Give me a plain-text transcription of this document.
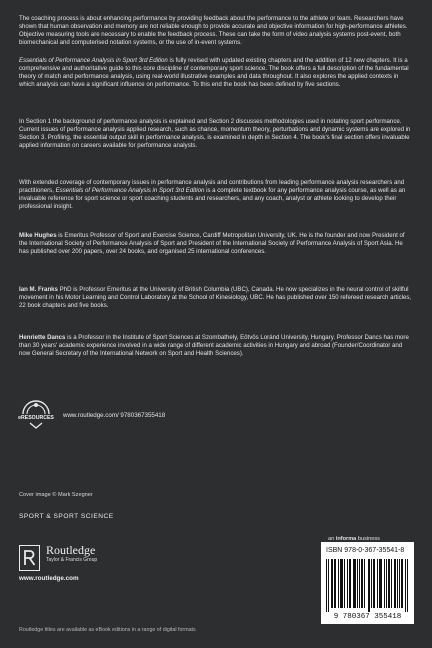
The coaching process is about enhancing performance by providing feedback about the performance to the athlete or team. Researchers have shown that human observation and memory are not reliable enough to provide accurate and objective information for high-performance athletes. Objective measuring tools are necessary to enable the feedback process. These can take the form of video analysis systems post-event, both biomechanical and computerised notation systems, or the use of in-event systems.

Essentials of Performance Analysis in Sport 3rd Edition is fully revised with updated existing chapters and the addition of 12 new chapters. It is a comprehensive and authoritative guide to this core discipline of contemporary sport science. The book offers a full description of the fundamental theory of match and performance analysis, using real-world illustrative examples and data throughout. It also explores the applied contexts in which analysis can have a significant influence on performance. To this end the book has been defined by five sections.

In Section 1 the background of performance analysis is explained and Section 2 discusses methodologies used in notating sport performance. Current issues of performance analysis applied research, such as chance, momentum theory, perturbations and dynamic systems are explored in Section 3. Profiling, the essential output skill in performance analysis, is examined in depth in Section 4. The book's final section offers invaluable applied information on careers available for performance analysts.

With extended coverage of contemporary issues in performance analysis and contributions from leading performance analysis researchers and practitioners, Essentials of Performance Analysis in Sport 3rd Edition is a complete textbook for any performance analysis course, as well as an invaluable reference for sport science or sport coaching students and researchers, and any coach, analyst or athlete looking to develop their professional insight.

Mike Hughes is Emeritus Professor of Sport and Exercise Science, Cardiff Metropolitan University, UK. He is the founder and now President of the International Society of Performance Analysis of Sport and President of the International Society of Performance Analysis of Sport Asia. He has published over 200 papers, over 24 books, and organised 25 international conferences.

Ian M. Franks PhD is Professor Emeritus at the University of British Columbia (UBC), Canada. He now specializes in the neural control of skillful movement in his Motor Learning and Control Laboratory at the School of Kinesiology, UBC. He has published over 150 refereed research articles, 22 book chapters and five books.

Henriette Dancs is a Professor in the Institute of Sport Sciences at Szombathely, Eötvös Loránd University, Hungary. Professor Dancs has more than 30 years' academic experience involved in a wide range of different academic activities in Hungary and abroad (Founder/Coordinator and now General Secretary of the International Network on Sport and Health Sciences).

eRESOURCES www.routledge.com/ 9780367355418
Cover image © Mark Szegner
SPORT & SPORT SCIENCE
Routledge
Taylor & Francis Group
www.routledge.com
an informa business
ISBN 978-0-367-35541-8
9 780367 355418
Routledge titles are available as eBook editions in a range of digital formats
